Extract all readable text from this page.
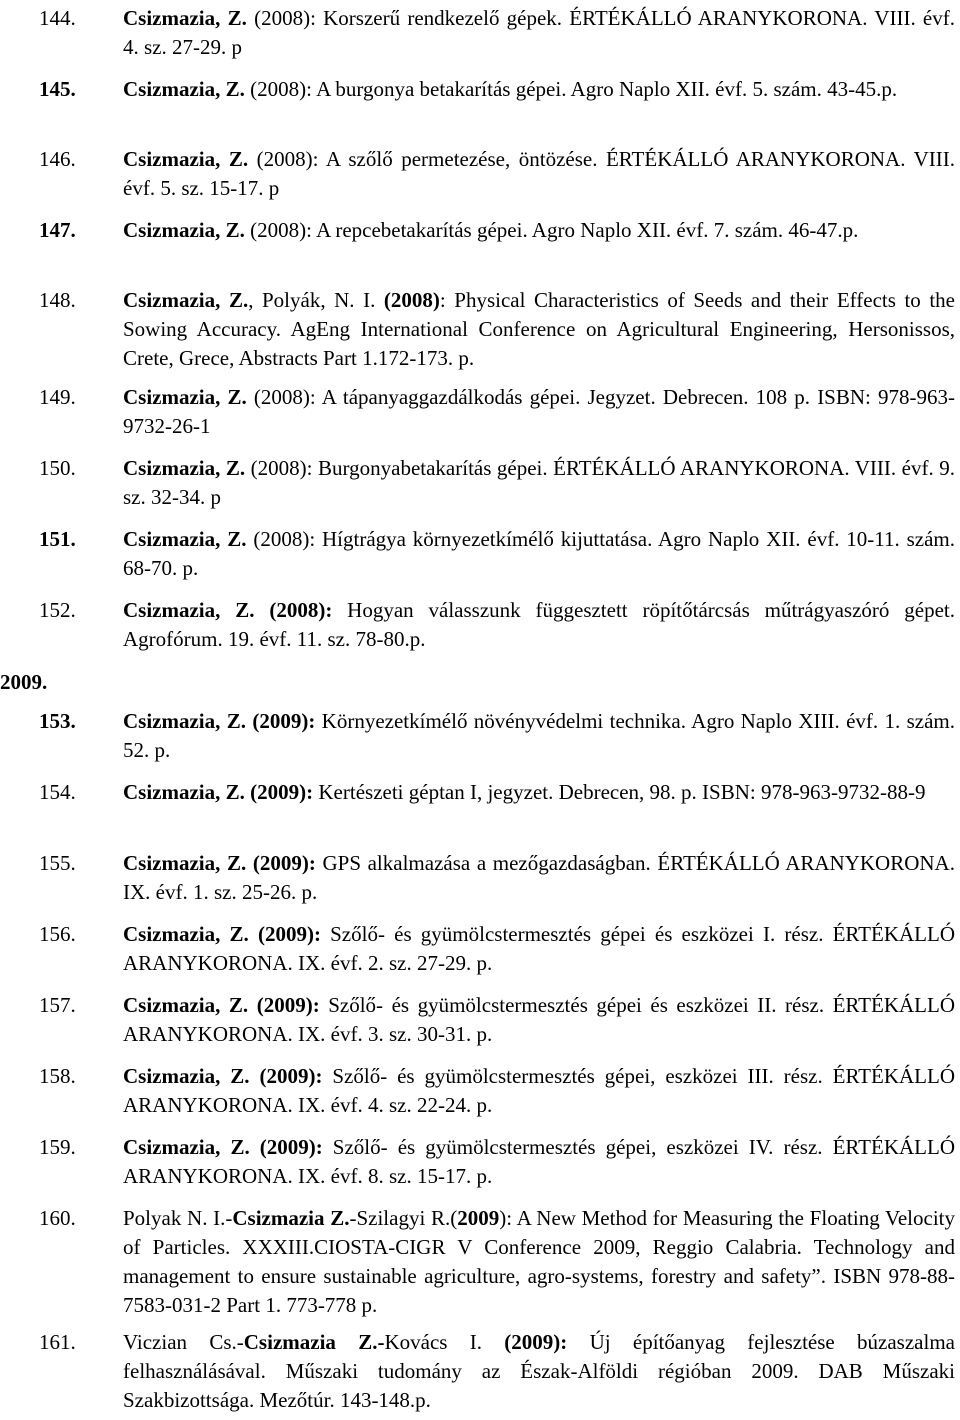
2009.
144.	Csizmazia, Z. (2008): Korszerű rendkezelő gépek. ÉRTÉKÁLLÓ ARANYKORONA. VIII. évf. 4. sz. 27-29. p
145.	Csizmazia, Z. (2008): A burgonya betakarítás gépei. Agro Naplo XII. évf. 5. szám. 43-45.p.
146.	Csizmazia, Z. (2008): A szőlő permetezése, öntözése. ÉRTÉKÁLLÓ ARANYKORONA. VIII. évf. 5. sz. 15-17. p
147.	Csizmazia, Z. (2008): A repcebetakarítás gépei. Agro Naplo XII. évf. 7. szám. 46-47.p.
148.	Csizmazia, Z., Polyák, N. I. (2008): Physical Characteristics of Seeds and their Effects to the Sowing Accuracy. AgEng International Conference on Agricultural Engineering, Hersonissos, Crete, Grece, Abstracts Part 1.172-173. p.
149.	Csizmazia, Z. (2008): A tápanyaggazdálkodás gépei. Jegyzet. Debrecen. 108 p. ISBN: 978-963-9732-26-1
150.	Csizmazia, Z. (2008): Burgonyabetakarítás gépei. ÉRTÉKÁLLÓ ARANYKORONA. VIII. évf. 9. sz. 32-34. p
151.	Csizmazia, Z. (2008): Hígtrágya környezetkímélő kijuttatása. Agro Naplo XII. évf. 10-11. szám. 68-70. p.
152.	Csizmazia, Z. (2008): Hogyan válasszunk függesztett röpítőtárcsás műtrágyaszóró gépet. Agrofórum. 19. évf. 11. sz. 78-80.p.
153.	Csizmazia, Z. (2009): Környezetkímélő növényvédelmi technika. Agro Naplo XIII. évf. 1. szám. 52. p.
154.	Csizmazia, Z. (2009): Kertészeti géptan I, jegyzet. Debrecen, 98. p. ISBN: 978-963-9732-88-9
155.	Csizmazia, Z. (2009): GPS alkalmazása a mezőgazdaságban. ÉRTÉKÁLLÓ ARANYKORONA. IX. évf. 1. sz. 25-26. p.
156.	Csizmazia, Z. (2009): Szőlő- és gyümölcstermesztés gépei és eszközei I. rész. ÉRTÉKÁLLÓ ARANYKORONA. IX. évf. 2. sz. 27-29. p.
157.	Csizmazia, Z. (2009): Szőlő- és gyümölcstermesztés gépei és eszközei II. rész. ÉRTÉKÁLLÓ ARANYKORONA. IX. évf. 3. sz. 30-31. p.
158.	Csizmazia, Z. (2009): Szőlő- és gyümölcstermesztés gépei, eszközei III. rész. ÉRTÉKÁLLÓ ARANYKORONA. IX. évf. 4. sz. 22-24. p.
159.	Csizmazia, Z. (2009): Szőlő- és gyümölcstermesztés gépei, eszközei IV. rész. ÉRTÉKÁLLÓ ARANYKORONA. IX. évf. 8. sz. 15-17. p.
160.	Polyak N. I.-Csizmazia Z.-Szilagyi R.(2009): A New Method for Measuring the Floating Velocity of Particles. XXXIII.CIOSTA-CIGR V Conference 2009, Reggio Calabria. Technology and management to ensure sustainable agriculture, agro-systems, forestry and safety”. ISBN 978-88-7583-031-2 Part 1. 773-778 p.
161.	Viczian Cs.-Csizmazia Z.-Kovács I. (2009): Új építőanyag fejlesztése búzaszalma felhasználásával. Műszaki tudomány az Észak-Alföldi régióban 2009. DAB Műszaki Szakbizottsága. Mezőtúr. 143-148.p.
